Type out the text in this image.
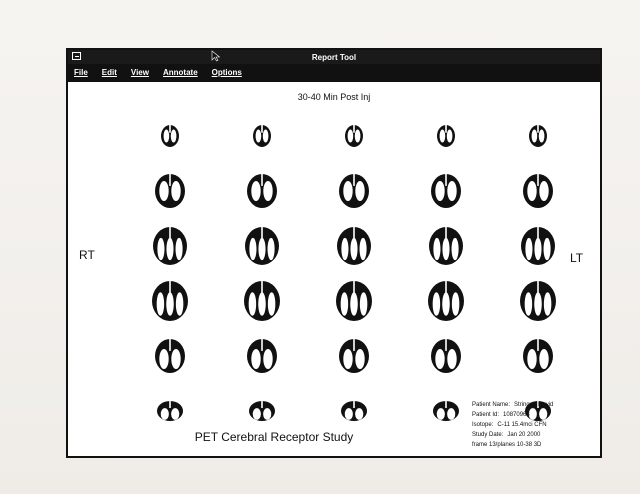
Report Tool
File Edit View Annotate Options
30-40 Min Post Inj
PET Cerebral Receptor Study
Patient Name: Stringer, David
Patient Id: 10870963
Isotope: C-11 15.4mci CFN
Study Date: Jan 20 2000
frame 13/planes 10-38 3D
RT	LT
